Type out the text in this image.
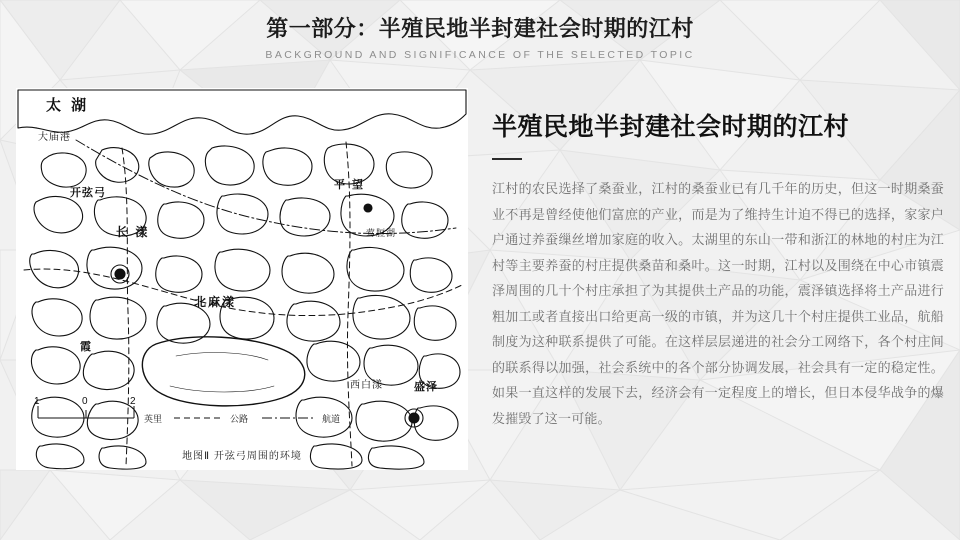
第一部分：半殖民地半封建社会时期的江村
BACKGROUND AND SIGNIFICANCE OF THE SELECTED TOPIC
太 湖
大庙港
开弦弓
长 漾
平 望
莺脰湖
北麻漾
霞
西白漾	盛泽
1	0	2
英里	公路	航道
地图Ⅱ 开弦弓周围的环境
半殖民地半封建社会时期的江村
江村的农民选择了桑蚕业，江村的桑蚕业已有几千年的历史，但这一时期桑蚕业不再是曾经使他们富庶的产业，而是为了维持生计迫不得已的选择，家家户户通过养蚕缫丝增加家庭的收入。太湖里的东山一带和浙江的林地的村庄为江村等主要养蚕的村庄提供桑苗和桑叶。这一时期，江村以及围绕在中心市镇震泽周围的几十个村庄承担了为其提供土产品的功能，震泽镇选择将土产品进行粗加工或者直接出口给更高一级的市镇，并为这几十个村庄提供工业品，航船制度为这种联系提供了可能。在这样层层递进的社会分工网络下，各个村庄间的联系得以加强，社会系统中的各个部分协调发展，社会具有一定的稳定性。如果一直这样的发展下去，经济会有一定程度上的增长，但日本侵华战争的爆发摧毁了这一可能。
